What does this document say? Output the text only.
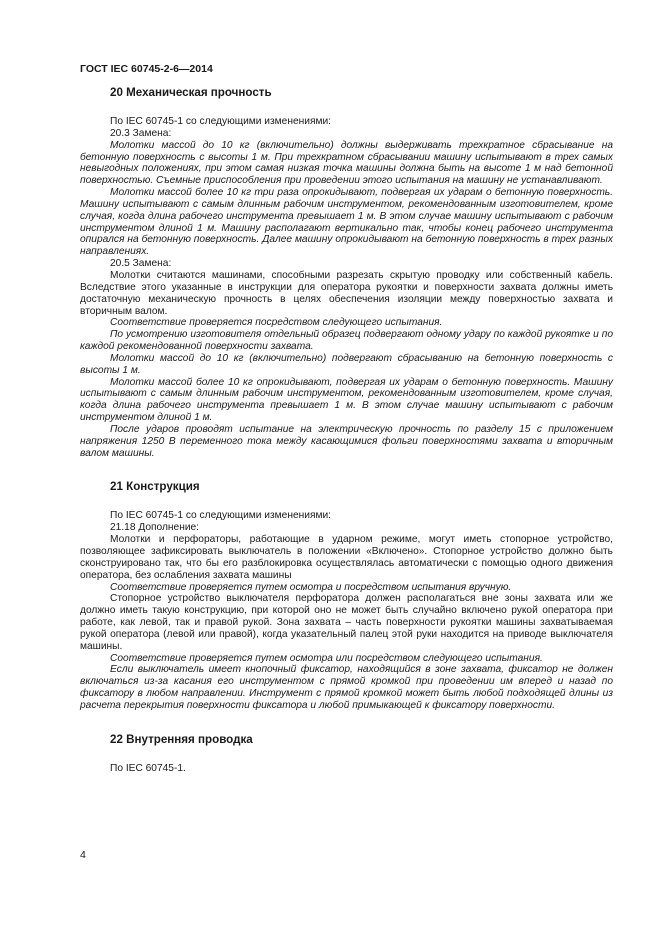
ГОСТ IEC 60745-2-6—2014
20 Механическая прочность

По IEC 60745-1 со следующими изменениями:

20.3 Замена:

Молотки массой до 10 кг (включительно) должны выдерживать трехкратное сбрасывание на бетонную поверхность с высоты 1 м. При трехкратном сбрасывании машину испытывают в трех самых невыгодных положениях, при этом самая низкая точка машины должна быть на высоте 1 м над бетонной поверхностью. Съемные приспособления при проведении этого испытания на машину не устанавливают.

Молотки массой более 10 кг три раза опрокидывают, подвергая их ударам о бетонную поверхность. Машину испытывают с самым длинным рабочим инструментом, рекомендованным изготовителем, кроме случая, когда длина рабочего инструмента превышает 1 м. В этом случае машину испытывают с рабочим инструментом длиной 1 м. Машину располагают вертикально так, чтобы конец рабочего инструмента опирался на бетонную поверхность. Далее машину опрокидывают на бетонную поверхность в трех разных направлениях.

20.5 Замена:

Молотки считаются машинами, способными разрезать скрытую проводку или собственный кабель. Вследствие этого указанные в инструкции для оператора рукоятки и поверхности захвата должны иметь достаточную механическую прочность в целях обеспечения изоляции между поверхностью захвата и вторичным валом.

Соответствие проверяется посредством следующего испытания.

По усмотрению изготовителя отдельный образец подвергают одному удару по каждой рукоятке и по каждой рекомендованной поверхности захвата.

Молотки массой до 10 кг (включительно) подвергают сбрасыванию на бетонную поверхность с высоты 1 м.

Молотки массой более 10 кг опрокидывают, подвергая их ударам о бетонную поверхность. Машину испытывают с самым длинным рабочим инструментом, рекомендованным изготовителем, кроме случая, когда длина рабочего инструмента превышает 1 м. В этом случае машину испытывают с рабочим инструментом длиной 1 м.

После ударов проводят испытание на электрическую прочность по разделу 15 с приложением напряжения 1250 В переменного тока между касающимися фольги поверхностями захвата и вторичным валом машины.

21 Конструкция

По IEC 60745-1 со следующими изменениями:

21.18 Дополнение:

Молотки и перфораторы, работающие в ударном режиме, могут иметь стопорное устройство, позволяющее зафиксировать выключатель в положении «Включено». Стопорное устройство должно быть сконструировано так, что бы его разблокировка осуществлялась автоматически с помощью одного движения оператора, без ослабления захвата машины

Соответствие проверяется путем осмотра и посредством испытания вручную.

Стопорное устройство выключателя перфоратора должен располагаться вне зоны захвата или же должно иметь такую конструкцию, при которой оно не может быть случайно включено рукой оператора при работе, как левой, так и правой рукой. Зона захвата – часть поверхности рукоятки машины захватываемая рукой оператора (левой или правой), когда указательный палец этой руки находится на приводе выключателя машины.

Соответствие проверяется путем осмотра или посредством следующего испытания.

Если выключатель имеет кнопочный фиксатор, находящийся в зоне захвата, фиксатор не должен включаться из-за касания его инструментом с прямой кромкой при проведении им вперед и назад по фиксатору в любом направлении. Инструмент с прямой кромкой может быть любой подходящей длины из расчета перекрытия поверхности фиксатора и любой примыкающей к фиксатору поверхности.

22 Внутренняя проводка

По IEC 60745-1.

4
